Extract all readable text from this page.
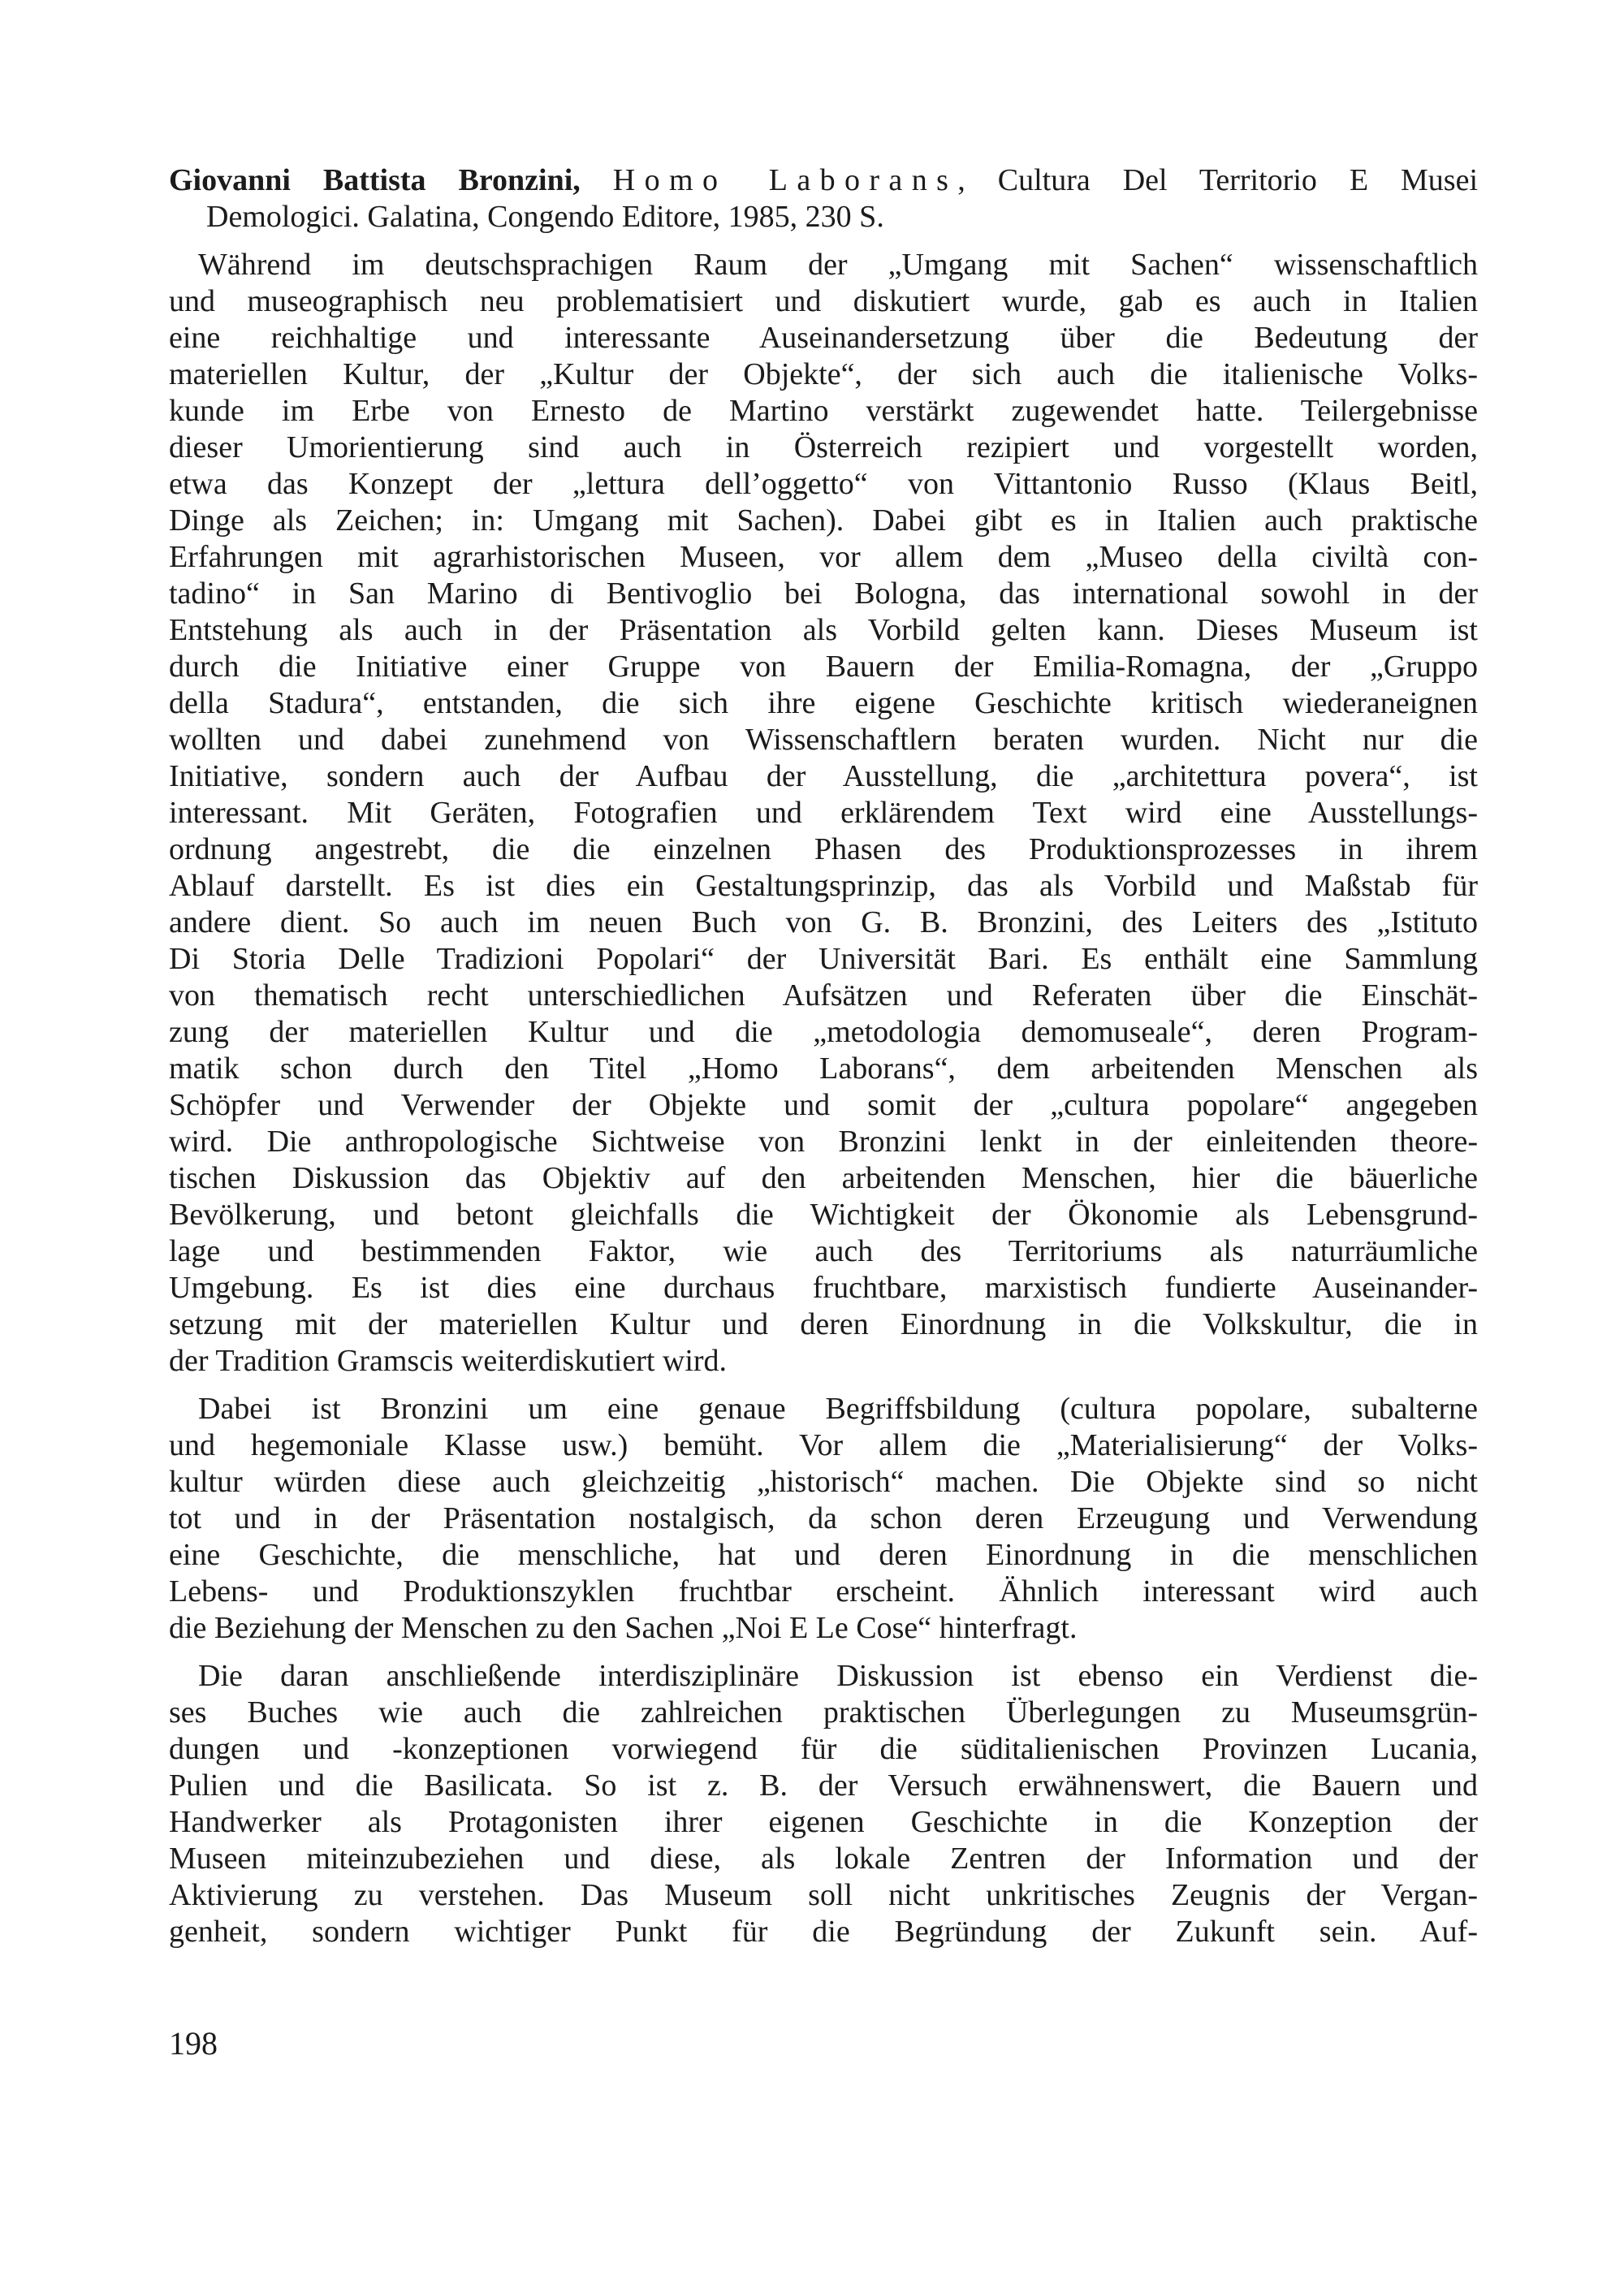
Giovanni Battista Bronzini, Homo Laborans, Cultura Del Territorio E Musei
Demologici. Galatina, Congendo Editore, 1985, 230 S.
Während im deutschsprachigen Raum der „Umgang mit Sachen“ wissenschaftlich
und museographisch neu problematisiert und diskutiert wurde, gab es auch in Italien
eine reichhaltige und interessante Auseinandersetzung über die Bedeutung der
materiellen Kultur, der „Kultur der Objekte“, der sich auch die italienische Volks-
kunde im Erbe von Ernesto de Martino verstärkt zugewendet hatte. Teilergebnisse
dieser Umorientierung sind auch in Österreich rezipiert und vorgestellt worden,
etwa das Konzept der „lettura dell’oggetto“ von Vittantonio Russo (Klaus Beitl,
Dinge als Zeichen; in: Umgang mit Sachen). Dabei gibt es in Italien auch praktische
Erfahrungen mit agrarhistorischen Museen, vor allem dem „Museo della civiltà con-
tadino“ in San Marino di Bentivoglio bei Bologna, das international sowohl in der
Entstehung als auch in der Präsentation als Vorbild gelten kann. Dieses Museum ist
durch die Initiative einer Gruppe von Bauern der Emilia-Romagna, der „Gruppo
della Stadura“, entstanden, die sich ihre eigene Geschichte kritisch wiederaneignen
wollten und dabei zunehmend von Wissenschaftlern beraten wurden. Nicht nur die
Initiative, sondern auch der Aufbau der Ausstellung, die „architettura povera“, ist
interessant. Mit Geräten, Fotografien und erklärendem Text wird eine Ausstellungs-
ordnung angestrebt, die die einzelnen Phasen des Produktionsprozesses in ihrem
Ablauf darstellt. Es ist dies ein Gestaltungsprinzip, das als Vorbild und Maßstab für
andere dient. So auch im neuen Buch von G. B. Bronzini, des Leiters des „Istituto
Di Storia Delle Tradizioni Popolari“ der Universität Bari. Es enthält eine Sammlung
von thematisch recht unterschiedlichen Aufsätzen und Referaten über die Einschät-
zung der materiellen Kultur und die „metodologia demomuseale“, deren Program-
matik schon durch den Titel „Homo Laborans“, dem arbeitenden Menschen als
Schöpfer und Verwender der Objekte und somit der „cultura popolare“ angegeben
wird. Die anthropologische Sichtweise von Bronzini lenkt in der einleitenden theore-
tischen Diskussion das Objektiv auf den arbeitenden Menschen, hier die bäuerliche
Bevölkerung, und betont gleichfalls die Wichtigkeit der Ökonomie als Lebensgrund-
lage und bestimmenden Faktor, wie auch des Territoriums als naturräumliche
Umgebung. Es ist dies eine durchaus fruchtbare, marxistisch fundierte Auseinander-
setzung mit der materiellen Kultur und deren Einordnung in die Volkskultur, die in
der Tradition Gramscis weiterdiskutiert wird.
Dabei ist Bronzini um eine genaue Begriffsbildung (cultura popolare, subalterne
und hegemoniale Klasse usw.) bemüht. Vor allem die „Materialisierung“ der Volks-
kultur würden diese auch gleichzeitig „historisch“ machen. Die Objekte sind so nicht
tot und in der Präsentation nostalgisch, da schon deren Erzeugung und Verwendung
eine Geschichte, die menschliche, hat und deren Einordnung in die menschlichen
Lebens- und Produktionszyklen fruchtbar erscheint. Ähnlich interessant wird auch
die Beziehung der Menschen zu den Sachen „Noi E Le Cose“ hinterfragt.
Die daran anschließende interdisziplinäre Diskussion ist ebenso ein Verdienst die-
ses Buches wie auch die zahlreichen praktischen Überlegungen zu Museumsgrün-
dungen und -konzeptionen vorwiegend für die süditalienischen Provinzen Lucania,
Pulien und die Basilicata. So ist z. B. der Versuch erwähnenswert, die Bauern und
Handwerker als Protagonisten ihrer eigenen Geschichte in die Konzeption der
Museen miteinzubeziehen und diese, als lokale Zentren der Information und der
Aktivierung zu verstehen. Das Museum soll nicht unkritisches Zeugnis der Vergan-
genheit, sondern wichtiger Punkt für die Begründung der Zukunft sein. Auf-
198
